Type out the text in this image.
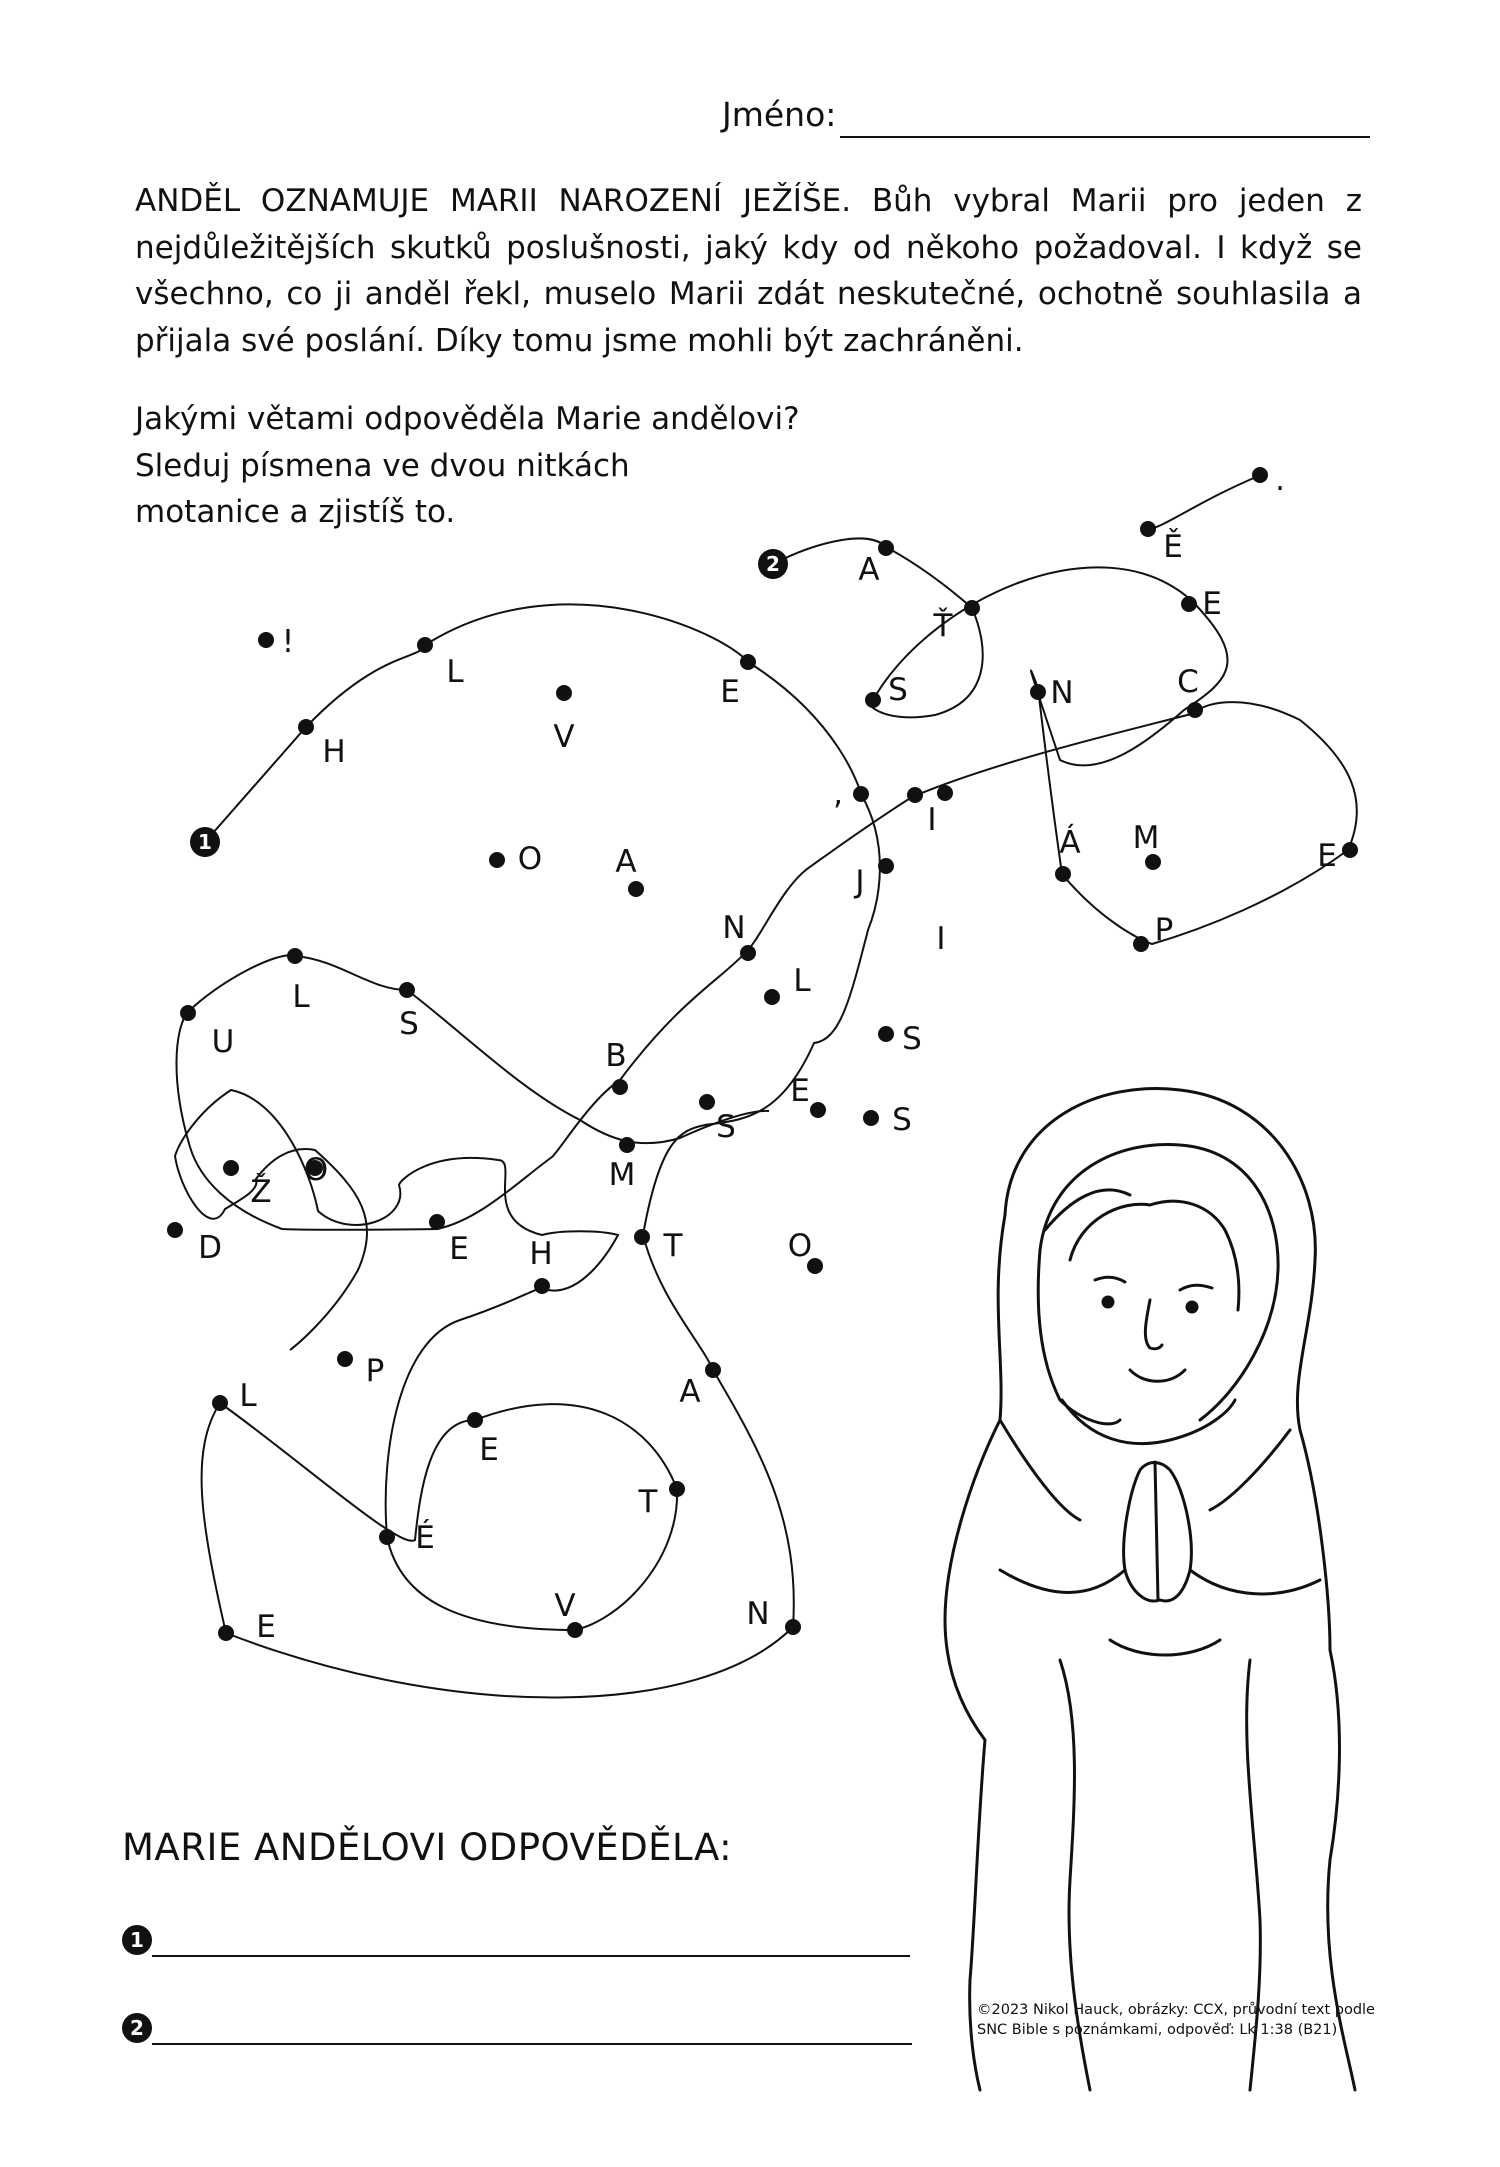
Jméno:
ANDĚL OZNAMUJE MARII NAROZENÍ JEŽÍŠE. Bůh vybral Marii pro jeden z nejdůležitějších skutků poslušnosti, jaký kdy od někoho požadoval. I když se všechno, co ji anděl řekl, muselo Marii zdát neskutečné, ochotně souhlasila a přijala své poslání. Díky tomu jsme mohli být zachráněni.
Jakými větami odpověděla Marie andělovi?
Sleduj písmena ve dvou nitkách
motanice a zjistíš to.
1
2
!
H
L
E
V
O A
,
I
J
N
L
S
U
L
S
B
M
S
E
S
Ž
O
D	E H	T	O
P
L	A
E
T
É
V
E	N
A
Ť
S
.
Ě
E
N	C
Á M	E
P
I
MARIE ANDĚLOVI ODPOVĚDĚLA:
1
2
©2023 Nikol Hauck, obrázky: CCX, průvodní text podle
SNC Bible s poznámkami, odpověď: Lk 1:38 (B21)
